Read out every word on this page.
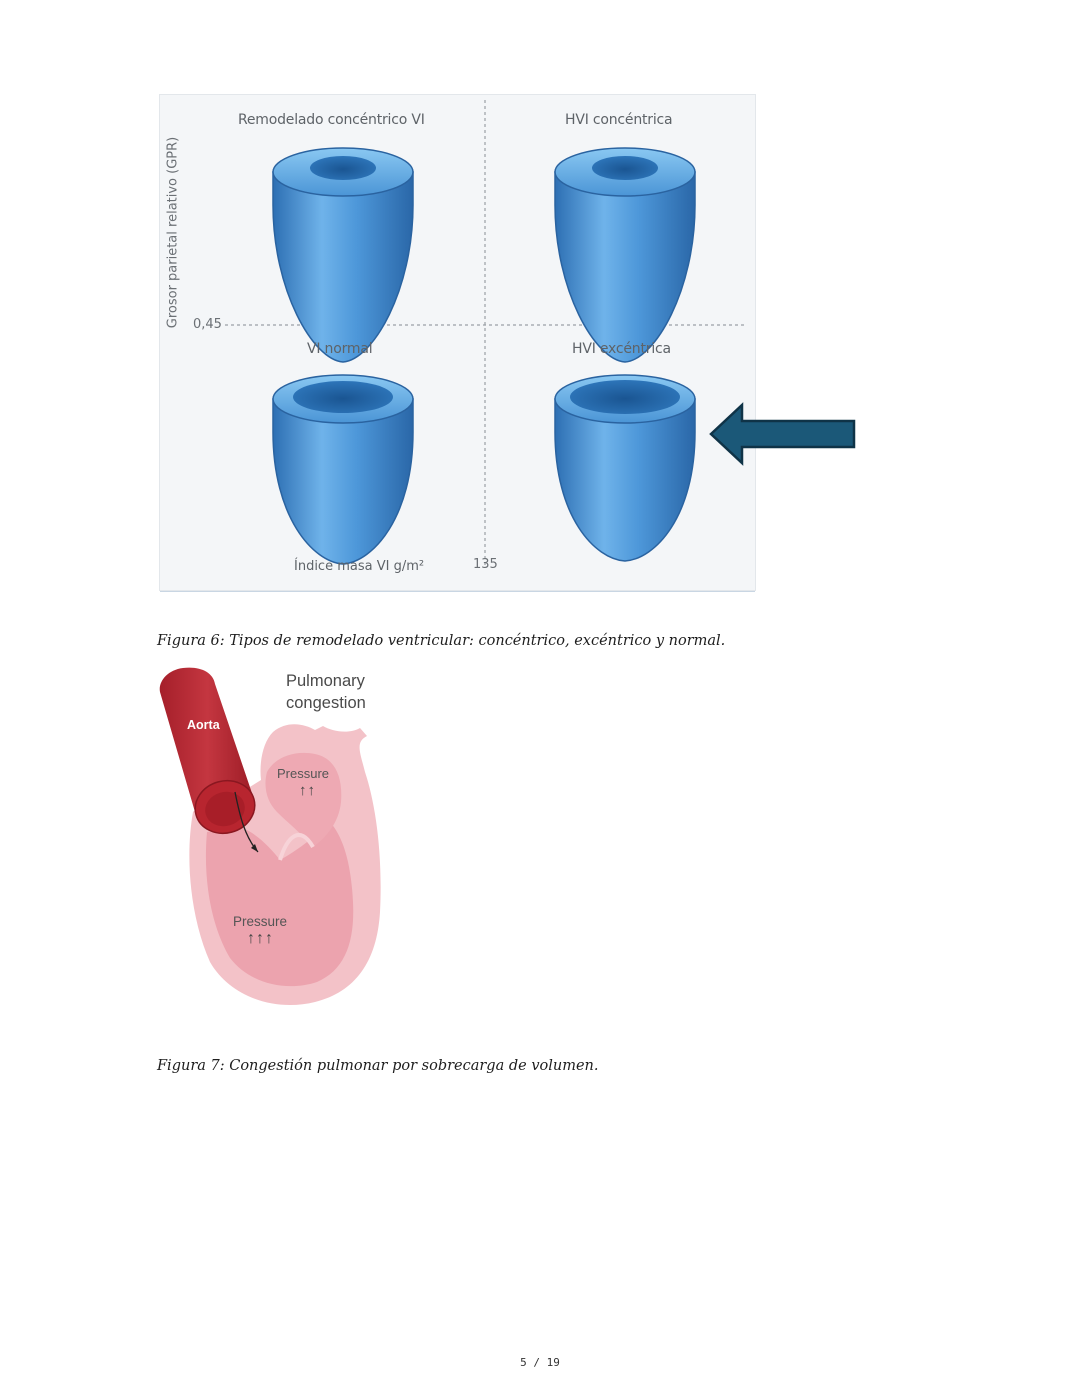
Remodelado concéntrico VI	HVI concéntrica
VI normal	HVI excéntrica
Grosor parietal relativo (GPR) 0,45
Índice masa VI g/m²	135
Figura 6: Tipos de remodelado ventricular: concéntrico, excéntrico y normal.
Pulmonary
congestion
Aorta
Pressure
↑↑
Pressure
↑↑↑
Figura 7: Congestión pulmonar por sobrecarga de volumen.
5 / 19
